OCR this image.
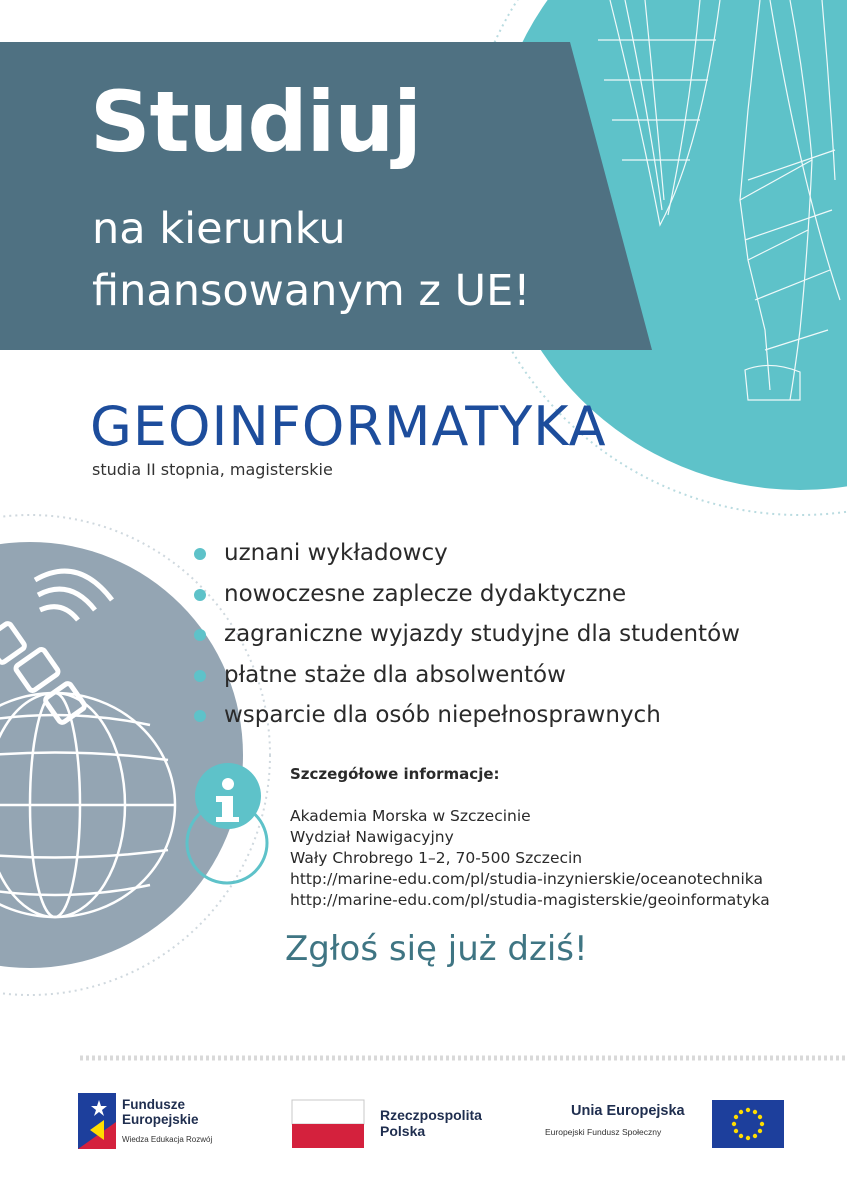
Studiuj
na kierunku
finansowanym z UE!
GEOINFORMATYKA
studia II stopnia, magisterskie
uznani wykładowcy
nowoczesne zaplecze dydaktyczne
zagraniczne wyjazdy studyjne dla studentów
płatne staże dla absolwentów
wsparcie dla osób niepełnosprawnych
Szczegółowe informacje:
Akademia Morska w Szczecinie
Wydział Nawigacyjny
Wały Chrobrego 1–2, 70-500 Szczecin
http://marine-edu.com/pl/studia-inzynierskie/oceanotechnika
http://marine-edu.com/pl/studia-magisterskie/geoinformatyka
Zgłoś się już dziś!
Fundusze
Europejskie
Wiedza Edukacja Rozwój
Rzeczpospolita
Polska
Unia Europejska
Europejski Fundusz Społeczny
